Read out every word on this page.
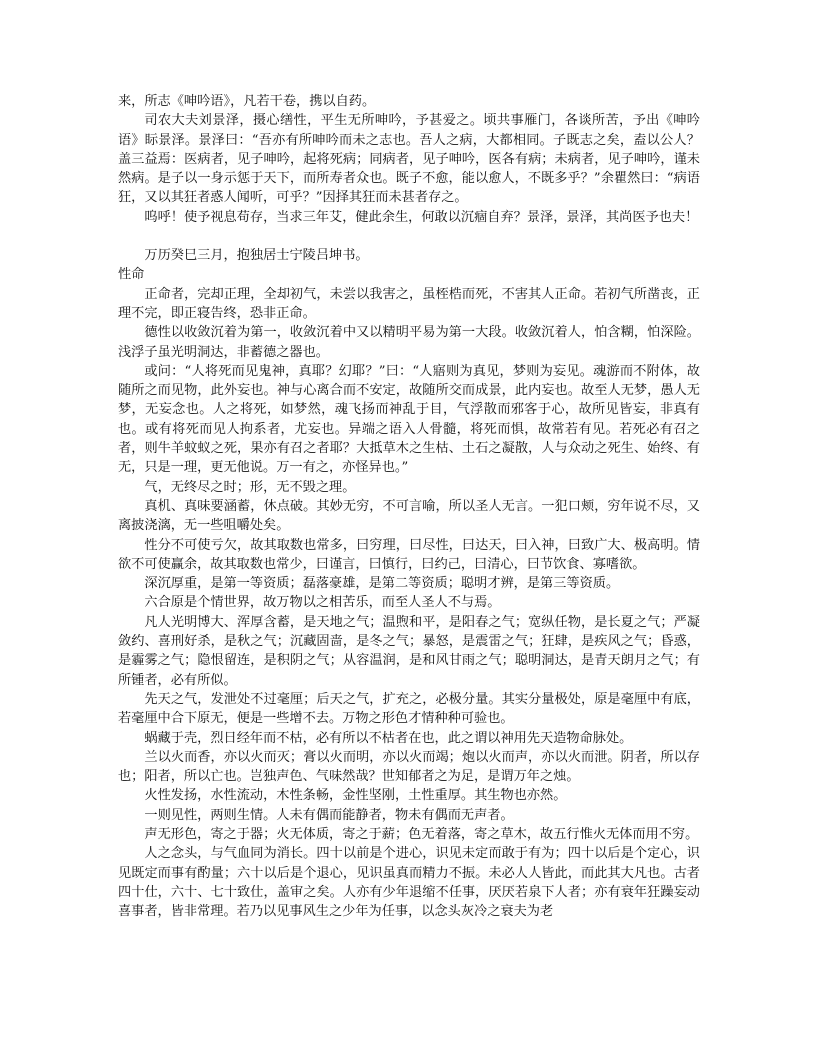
来，所志《呻吟语》，凡若干卷，携以自药。

司农大夫刘景泽，摄心缮性，平生无所呻吟，予甚爱之。顷共事雁门，各谈所苦，予出《呻吟语》眎景泽。景泽曰：“吾亦有所呻吟而未之志也。吾人之病，大都相同。子既志之矣，盍以公人？盖三益焉：医病者，见子呻吟，起将死病；同病者，见子呻吟，医各有病；未病者，见子呻吟，谨未然病。是子以一身示惩于天下，而所寿者众也。既子不愈，能以愈人，不既多乎？”余瞿然曰：“病语狂，又以其狂者惑人闻听，可乎？”因择其狂而未甚者存之。

呜呼！使予视息苟存，当求三年艾，健此余生，何敢以沉痼自弃？景泽，景泽，其尚医予也夫！

万历癸巳三月，抱独居士宁陵吕坤书。

性命

正命者，完却正理，全却初气，未尝以我害之，虽桎梏而死，不害其人正命。若初气所凿丧，正理不完，即正寝告终，恐非正命。

德性以收敛沉着为第一，收敛沉着中又以精明平易为第一大段。收敛沉着人，怕含糊，怕深险。浅浮子虽光明洞达，非蓄德之器也。

或问：“人将死而见鬼神，真耶？幻耶？”曰：“人寤则为真见，梦则为妄见。魂游而不附体，故随所之而见物，此外妄也。神与心离合而不安定，故随所交而成景，此内妄也。故至人无梦，愚人无梦，无妄念也。人之将死，如梦然，魂飞扬而神乱于目，气浮散而邪客于心，故所见皆妄，非真有也。或有将死而见人拘系者，尤妄也。异端之语入人骨髓，将死而惧，故常若有见。若死必有召之者，则牛羊蚊蚁之死，果亦有召之者耶？大抵草木之生枯、土石之凝散，人与众动之死生、始终、有无，只是一理，更无他说。万一有之，亦怪异也。”

气，无终尽之时；形，无不毁之理。

真机、真味要涵蓄，休点破。其妙无穷，不可言喻，所以圣人无言。一犯口颊，穷年说不尽，又离披浇漓，无一些咀嚼处矣。

性分不可使亏欠，故其取数也常多，曰穷理，曰尽性，曰达天，曰入神，曰致广大、极高明。情欲不可使赢余，故其取数也常少，曰谨言，曰慎行，曰约己，曰清心，曰节饮食、寡嗜欲。

深沉厚重，是第一等资质；磊落豪雄，是第二等资质；聪明才辨，是第三等资质。

六合原是个情世界，故万物以之相苦乐，而至人圣人不与焉。

凡人光明博大、浑厚含蓄，是天地之气；温煦和平，是阳春之气；宽纵任物，是长夏之气；严凝敛约、喜刑好杀，是秋之气；沉藏固啬，是冬之气；暴怒，是震雷之气；狂肆，是疾风之气；昏惑，是霾雾之气；隐恨留连，是积阴之气；从容温润，是和风甘雨之气；聪明洞达，是青天朗月之气；有所锺者，必有所似。

先天之气，发泄处不过毫厘；后天之气，扩充之，必极分量。其实分量极处，原是毫厘中有底，若毫厘中合下原无，便是一些增不去。万物之形色才情种种可验也。

蜗藏于壳，烈日经年而不枯，必有所以不枯者在也，此之谓以神用先天造物命脉处。

兰以火而香，亦以火而灭；膏以火而明，亦以火而竭；炮以火而声，亦以火而泄。阴者，所以存也；阳者，所以亡也。岂独声色、气味然哉？世知郁者之为足，是谓万年之烛。

火性发扬，水性流动，木性条畅，金性坚刚，土性重厚。其生物也亦然。

一则见性，两则生情。人未有偶而能静者，物未有偶而无声者。

声无形色，寄之于器；火无体质，寄之于薪；色无着落，寄之草木，故五行惟火无体而用不穷。

人之念头，与气血同为消长。四十以前是个进心，识见未定而敢于有为；四十以后是个定心，识见既定而事有酌量；六十以后是个退心，见识虽真而精力不振。未必人人皆此，而此其大凡也。古者四十仕，六十、七十致仕，盖审之矣。人亦有少年退缩不任事，厌厌若泉下人者；亦有衰年狂躁妄动喜事者，皆非常理。若乃以见事风生之少年为任事，以念头灰冷之衰夫为老
